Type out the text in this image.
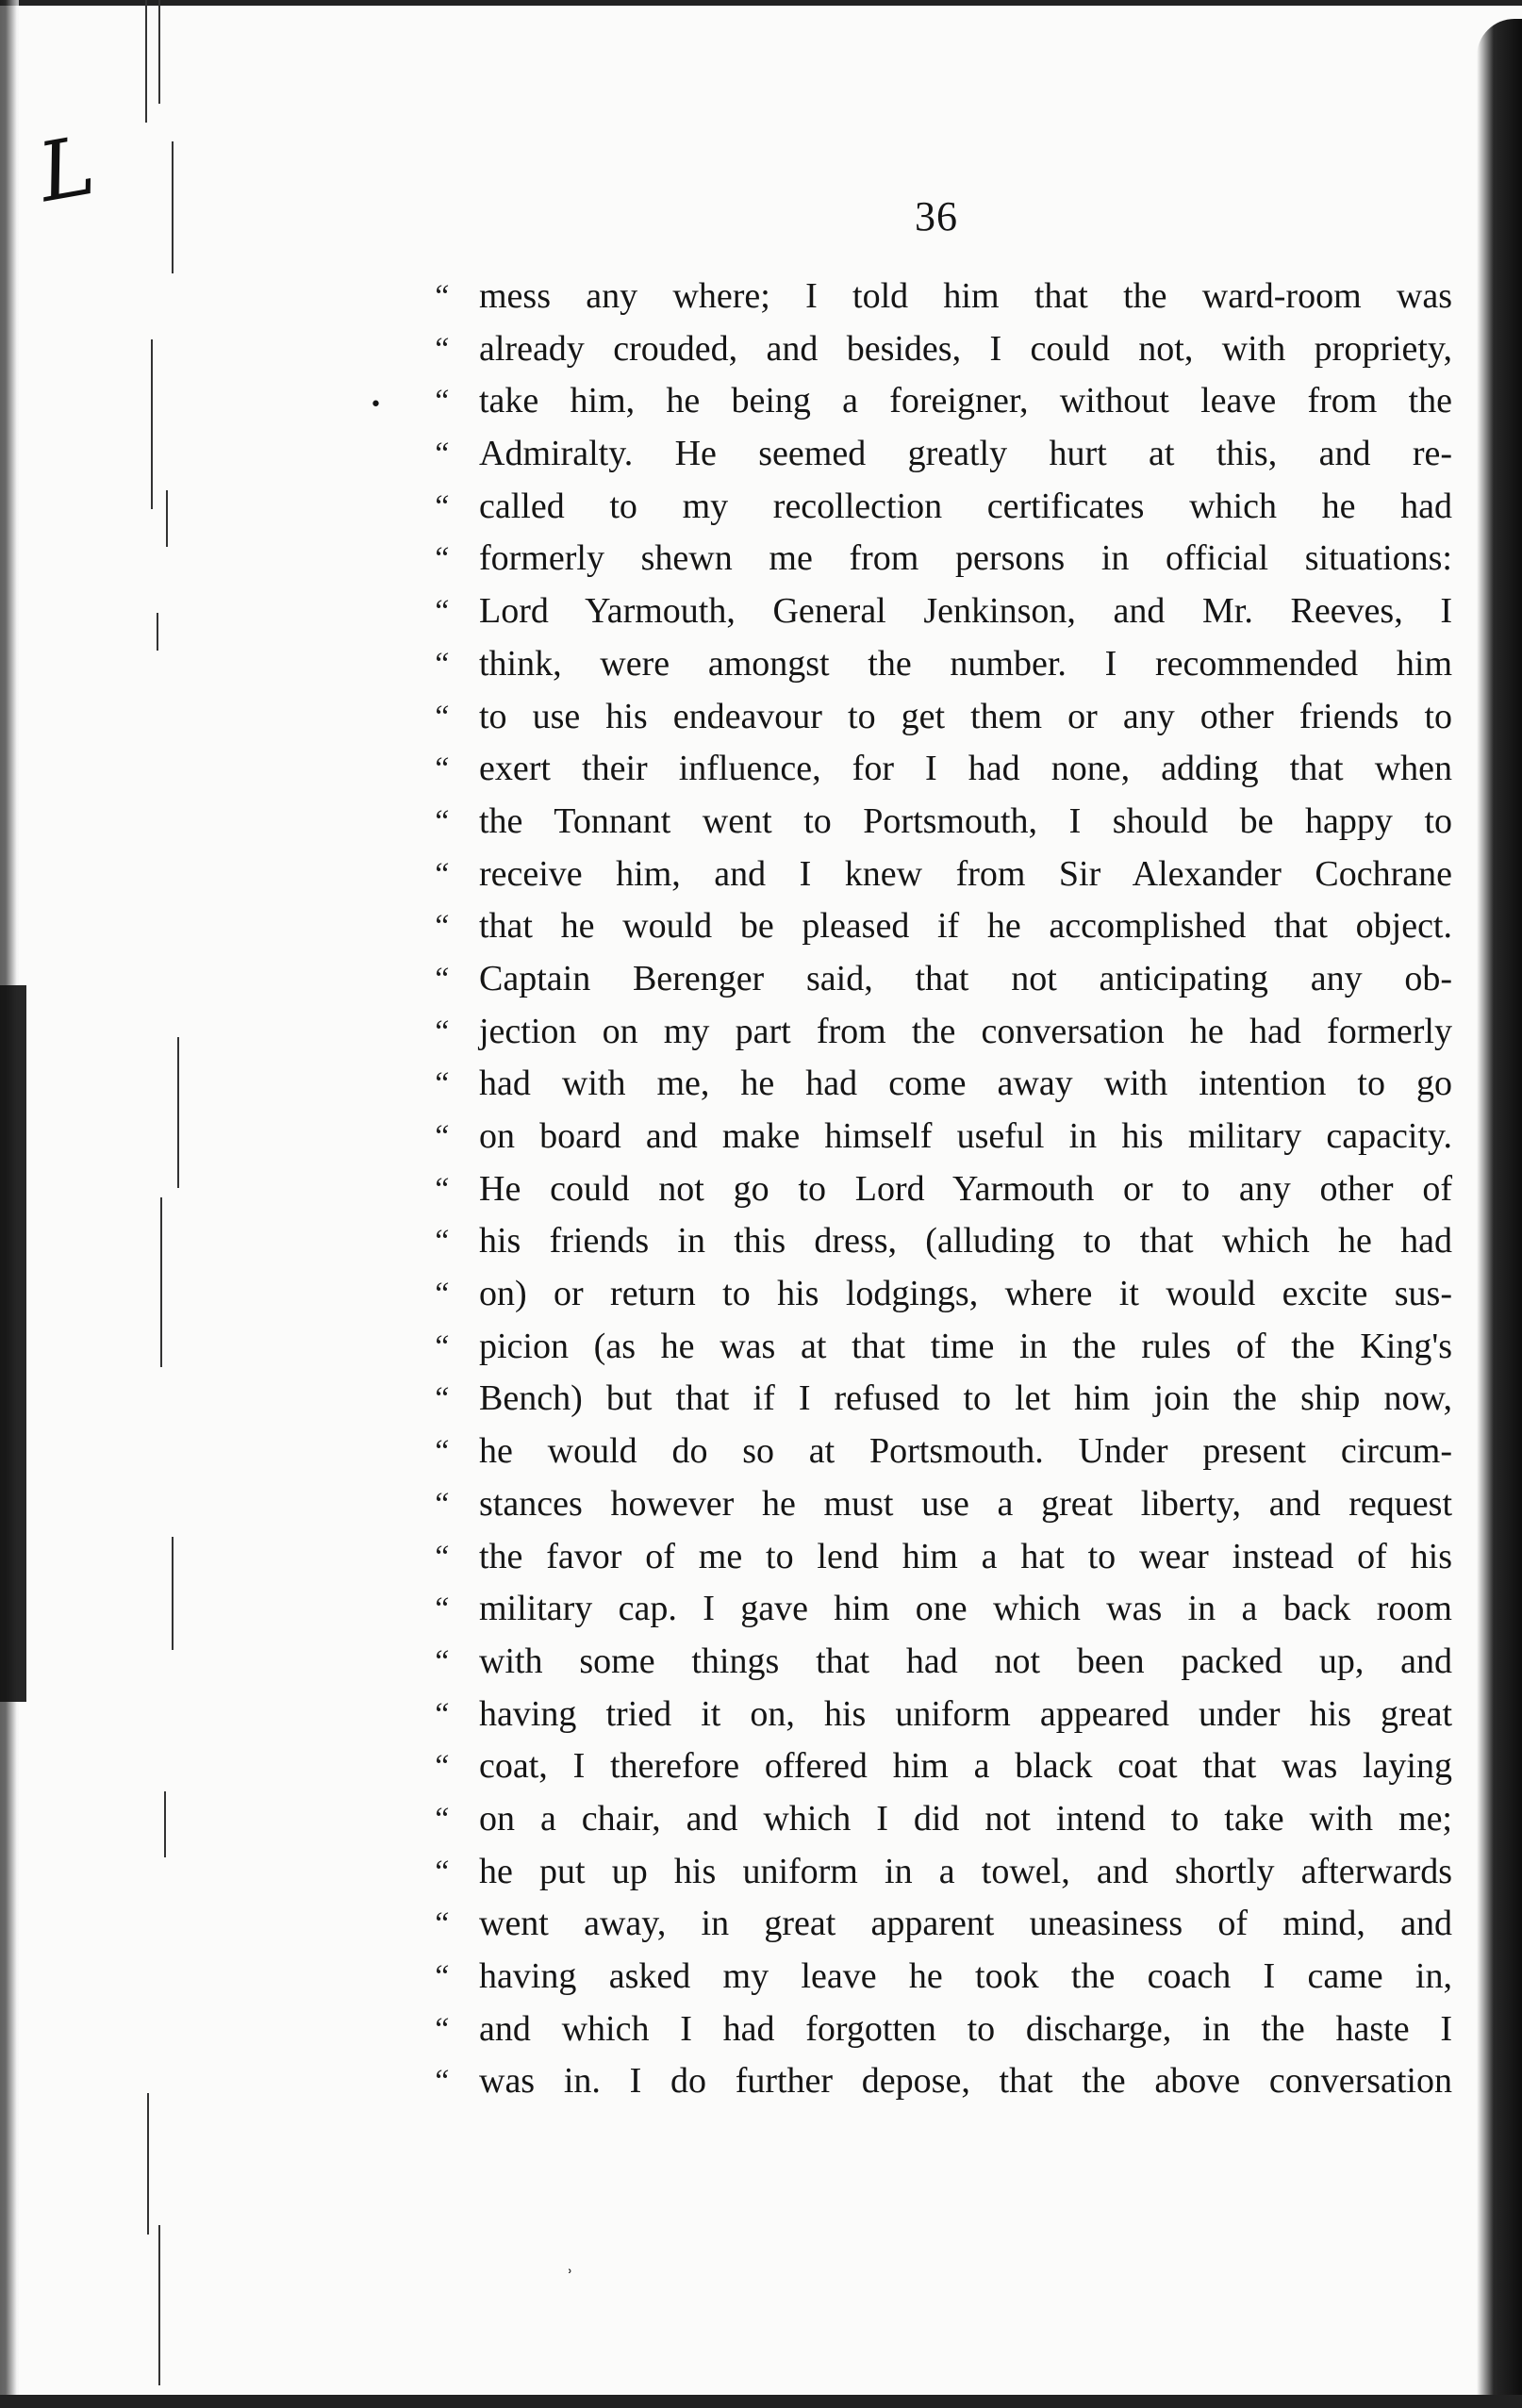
L	36
•
“ mess any where; I told him that the ward-room was
“ already crouded, and besides, I could not, with propriety,
“ take him, he being a foreigner, without leave from the
“ Admiralty. He seemed greatly hurt at this, and re-
“ called to my recollection certificates which he had
“ formerly shewn me from persons in official situations:
“ Lord Yarmouth, General Jenkinson, and Mr. Reeves, I
“ think, were amongst the number. I recommended him
“ to use his endeavour to get them or any other friends to
“ exert their influence, for I had none, adding that when
“ the Tonnant went to Portsmouth, I should be happy to
“ receive him, and I knew from Sir Alexander Cochrane
“ that he would be pleased if he accomplished that object.
“ Captain Berenger said, that not anticipating any ob-
“ jection on my part from the conversation he had formerly
“ had with me, he had come away with intention to go
“ on board and make himself useful in his military capacity.
“ He could not go to Lord Yarmouth or to any other of
“ his friends in this dress, (alluding to that which he had
“ on) or return to his lodgings, where it would excite sus-
“ picion (as he was at that time in the rules of the King's
“ Bench) but that if I refused to let him join the ship now,
“ he would do so at Portsmouth. Under present circum-
“ stances however he must use a great liberty, and request
“ the favor of me to lend him a hat to wear instead of his
“ military cap. I gave him one which was in a back room
“ with some things that had not been packed up, and
“ having tried it on, his uniform appeared under his great
“ coat, I therefore offered him a black coat that was laying
“ on a chair, and which I did not intend to take with me;
“ he put up his uniform in a towel, and shortly afterwards
“ went away, in great apparent uneasiness of mind, and
“ having asked my leave he took the coach I came in,
“ and which I had forgotten to discharge, in the haste I
“ was in. I do further depose, that the above conversation
ʾ
